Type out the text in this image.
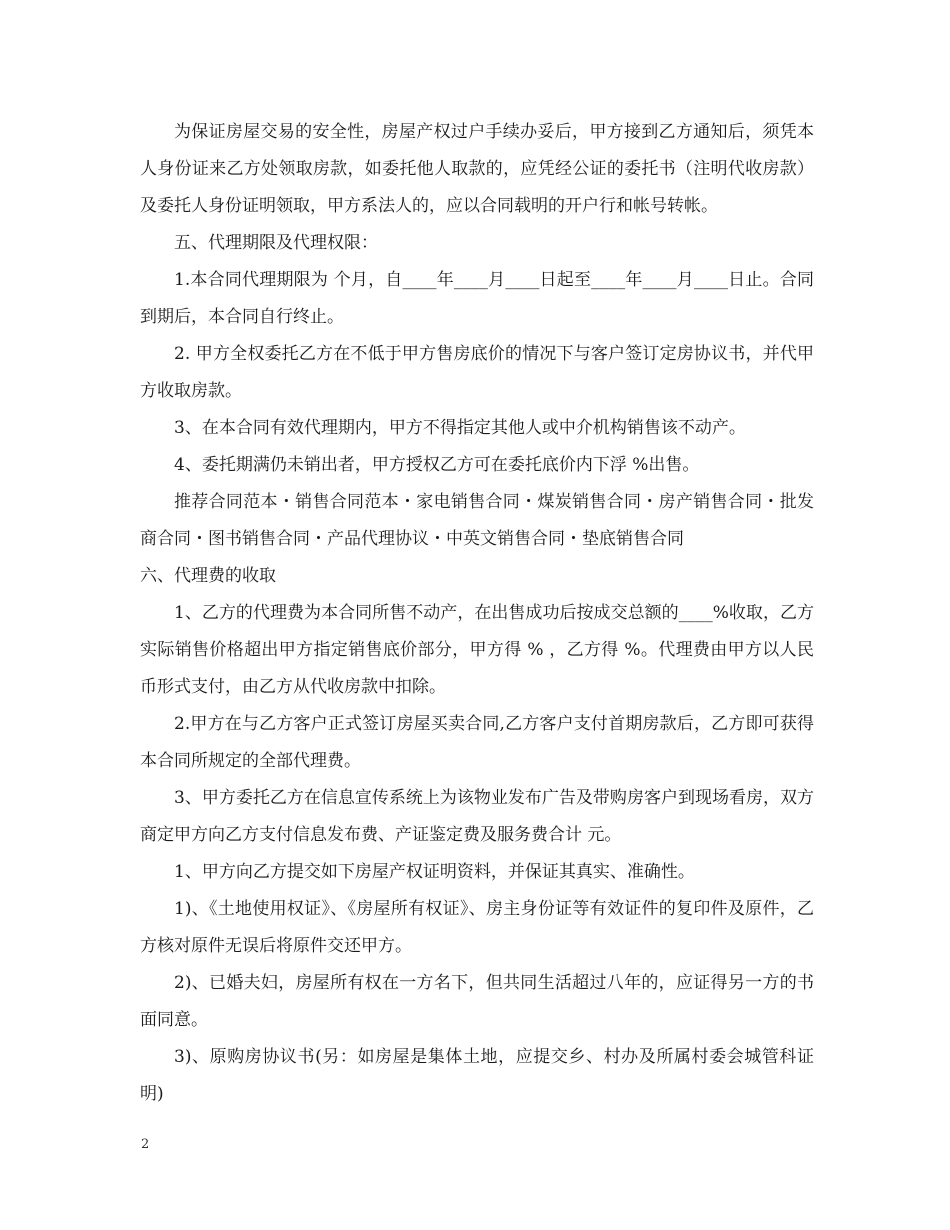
为保证房屋交易的安全性，房屋产权过户手续办妥后，甲方接到乙方通知后，须凭本人身份证来乙方处领取房款，如委托他人取款的，应凭经公证的委托书（注明代收房款）及委托人身份证明领取，甲方系法人的，应以合同载明的开户行和帐号转帐。

五、代理期限及代理权限：

1.本合同代理期限为 个月，自____年____月____日起至____年____月____日止。合同到期后，本合同自行终止。

2. 甲方全权委托乙方在不低于甲方售房底价的情况下与客户签订定房协议书，并代甲方收取房款。

3、在本合同有效代理期内，甲方不得指定其他人或中介机构销售该不动产。

4、委托期满仍未销出者，甲方授权乙方可在委托底价内下浮 %出售。

推荐合同范本・销售合同范本・家电销售合同・煤炭销售合同・房产销售合同・批发商合同・图书销售合同・产品代理协议・中英文销售合同・垫底销售合同

六、代理费的收取

1、乙方的代理费为本合同所售不动产，在出售成功后按成交总额的____%收取，乙方实际销售价格超出甲方指定销售底价部分，甲方得 % ，乙方得 %。代理费由甲方以人民币形式支付，由乙方从代收房款中扣除。

2.甲方在与乙方客户正式签订房屋买卖合同,乙方客户支付首期房款后，乙方即可获得本合同所规定的全部代理费。

3、甲方委托乙方在信息宣传系统上为该物业发布广告及带购房客户到现场看房，双方商定甲方向乙方支付信息发布费、产证鉴定费及服务费合计 元。

1、甲方向乙方提交如下房屋产权证明资料，并保证其真实、准确性。

1)、《土地使用权证》、《房屋所有权证》、房主身份证等有效证件的复印件及原件，乙方核对原件无误后将原件交还甲方。

2)、已婚夫妇，房屋所有权在一方名下，但共同生活超过八年的，应证得另一方的书面同意。

3)、原购房协议书(另：如房屋是集体土地，应提交乡、村办及所属村委会城管科证明)

2
